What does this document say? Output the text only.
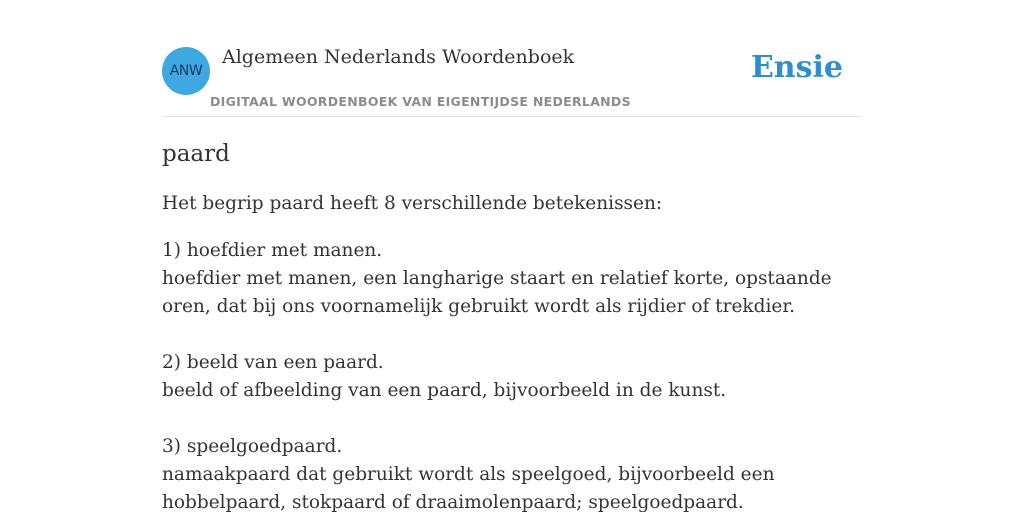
ANW
Algemeen Nederlands Woordenboek
DIGITAAL WOORDENBOEK VAN EIGENTIJDSE NEDERLANDS
Ensie
paard

Het begrip paard heeft 8 verschillende betekenissen:

1) hoefdier met manen.
hoefdier met manen, een langharige staart en relatief korte, opstaande oren, dat bij ons voornamelijk gebruikt wordt als rijdier of trekdier.
2) beeld van een paard.
beeld of afbeelding van een paard, bijvoorbeeld in de kunst.
3) speelgoedpaard.
namaakpaard dat gebruikt wordt als speelgoed, bijvoorbeeld een hobbelpaard, stokpaard of draaimolenpaard; speelgoedpaard.
